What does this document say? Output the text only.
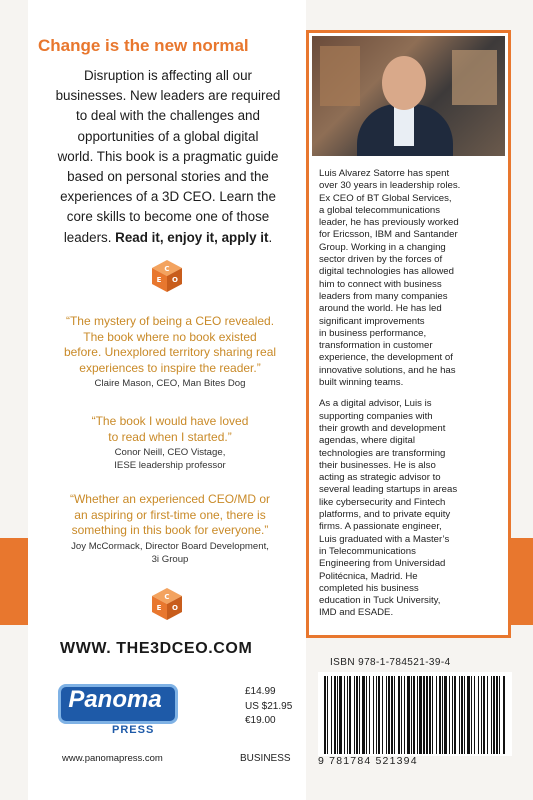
Change is the new normal
Disruption is affecting all our
businesses. New leaders are required
to deal with the challenges and
opportunities of a global digital
world. This book is a pragmatic guide
based on personal stories and the
experiences of a 3D CEO. Learn the
core skills to become one of those
leaders. Read it, enjoy it, apply it.
C
E O
“The mystery of being a CEO revealed.
The book where no book existed
before. Unexplored territory sharing real
experiences to inspire the reader.”
Claire Mason, CEO, Man Bites Dog
“The book I would have loved
to read when I started.”
Conor Neill, CEO Vistage,
IESE leadership professor
“Whether an experienced CEO/MD or
an aspiring or first-time one, there is
something in this book for everyone.”
Joy McCormack, Director Board Development,
3i Group
C
E O
WWW. THE3DCEO.COM

Luis Alvarez Satorre has spent
over 30 years in leadership roles.
Ex CEO of BT Global Services,
a global telecommunications
leader, he has previously worked
for Ericsson, IBM and Santander
Group. Working in a changing
sector driven by the forces of
digital technologies has allowed
him to connect with business
leaders from many companies
around the world. He has led
significant improvements
in business performance,
transformation in customer
experience, the development of
innovative solutions, and he has
built winning teams.

As a digital advisor, Luis is
supporting companies with
their growth and development
agendas, where digital
technologies are transforming
their businesses. He is also
acting as strategic advisor to
several leading startups in areas
like cybersecurity and Fintech
platforms, and to private equity
firms. A passionate engineer,
Luis graduated with a Master’s
in Telecommunications
Engineering from Universidad
Politécnica, Madrid. He
completed his business
education in Tuck University,
IMD and ESADE.

Panoma
PRESS
www.panomapress.com
£14.99
US $21.95
€19.00
BUSINESS
ISBN 978-1-784521-39-4
9 781784 521394
